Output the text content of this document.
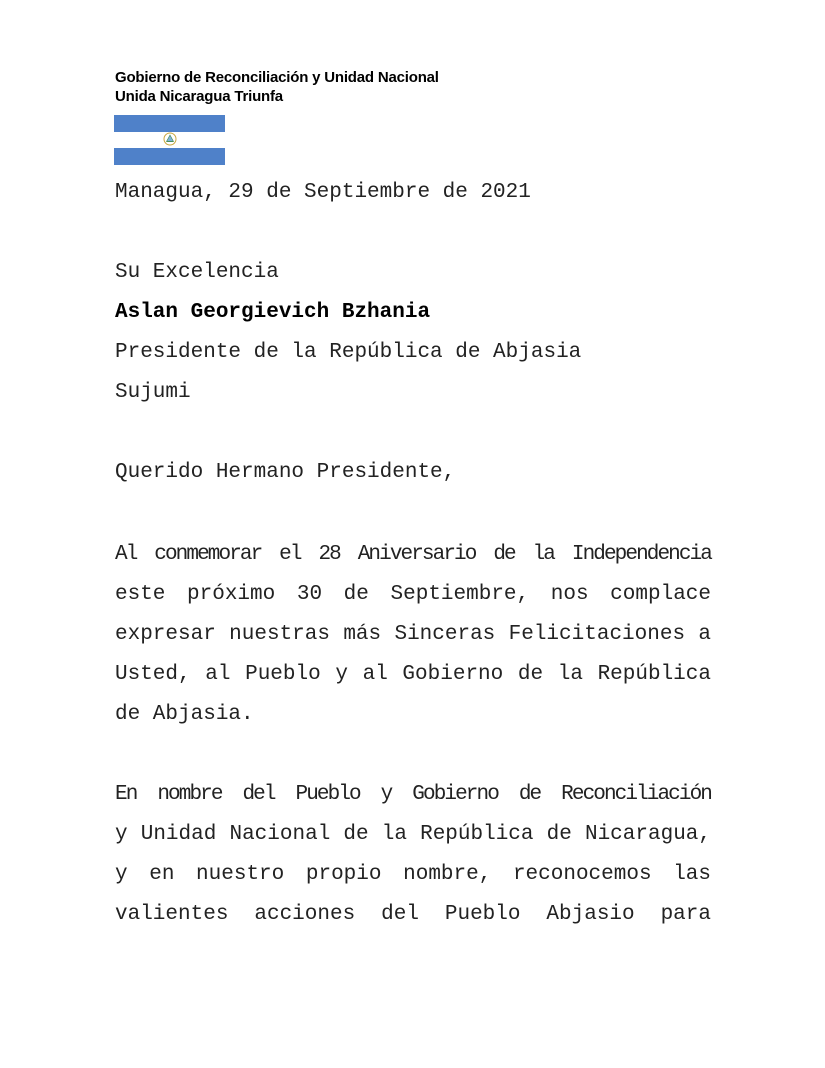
Gobierno de Reconciliación y Unidad Nacional
Unida Nicaragua Triunfa
Managua, 29 de Septiembre de 2021
Su Excelencia
Aslan Georgievich Bzhania
Presidente de la República de Abjasia
Sujumi
Querido Hermano Presidente,
Al conmemorar el 28 Aniversario de la Independencia
este próximo 30 de Septiembre, nos complace
expresar nuestras más Sinceras Felicitaciones a
Usted, al Pueblo y al Gobierno de la República
de Abjasia.
En nombre del Pueblo y Gobierno de Reconciliación
y Unidad Nacional de la República de Nicaragua,
y en nuestro propio nombre, reconocemos las
valientes acciones del Pueblo Abjasio para
